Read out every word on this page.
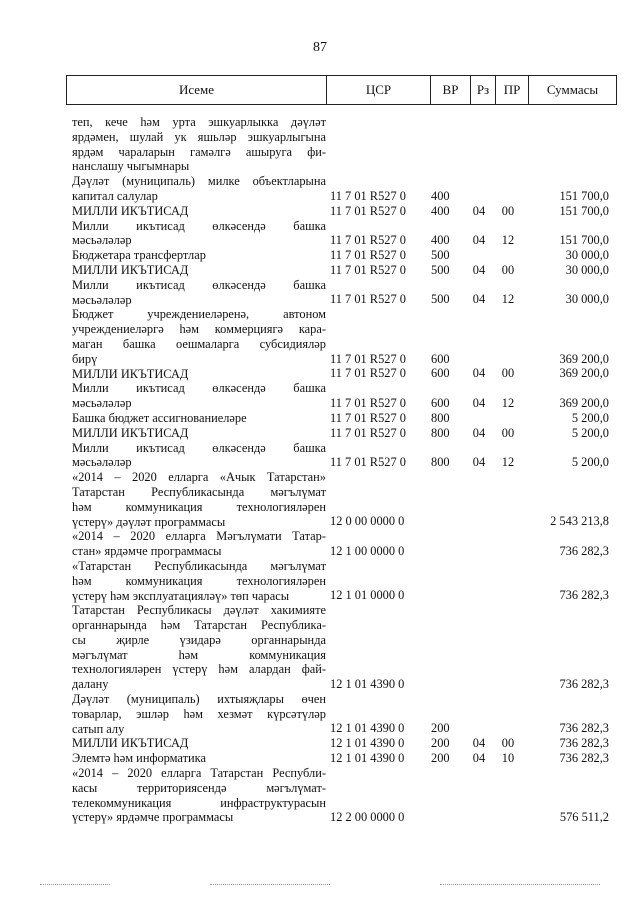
87
Исеме	ЦСР	ВР	Рз	ПР	Суммасы
теп, кече һәм урта эшкуарлыкка дәүләт
ярдәмен, шулай ук яшьләр эшкуарлыгына
ярдәм чараларын гамәлгә ашыруга фи-
нанслашу чыгымнары
Дәүләт (муниципаль) милке объектларына
капитал салулар	11 7 01 R527 0 400	151 700,0
МИЛЛИ ИКЪТИСАД	11 7 01 R527 0 400	04	00	151 700,0
Милли икътисад өлкәсендә башка
мәсьәләләр	11 7 01 R527 0 400	04	12	151 700,0
Бюджетара трансфертлар	11 7 01 R527 0 500	30 000,0
МИЛЛИ ИКЪТИСАД	11 7 01 R527 0 500	04	00	30 000,0
Милли икътисад өлкәсендә башка
мәсьәләләр	11 7 01 R527 0 500	04	12	30 000,0
Бюджет учреждениеләренә, автоном
учреждениеләргә һәм коммерциягә кара-
маган башка оешмаларга субсидияләр
бирү	11 7 01 R527 0 600	369 200,0
МИЛЛИ ИКЪТИСАД	11 7 01 R527 0 600	04	00	369 200,0
Милли икътисад өлкәсендә башка
мәсьәләләр	11 7 01 R527 0 600	04	12	369 200,0
Башка бюджет ассигнованиеләре	11 7 01 R527 0 800	5 200,0
МИЛЛИ ИКЪТИСАД	11 7 01 R527 0 800	04	00	5 200,0
Милли икътисад өлкәсендә башка
мәсьәләләр	11 7 01 R527 0 800	04	12	5 200,0
«2014 – 2020 елларга «Ачык Татарстан»
Татарстан Республикасында мәгълүмат
һәм коммуникация технологияләрен
үстерү» дәүләт программасы	12 0 00 0000 0	2 543 213,8
«2014 – 2020 елларга Мәгълүмати Татар-
стан» ярдәмче программасы	12 1 00 0000 0	736 282,3
«Татарстан Республикасында мәгълүмат
һәм коммуникация технологияләрен
үстерү һәм эксплуатацияләү» төп чарасы	12 1 01 0000 0	736 282,3
Татарстан Республикасы дәүләт хакимияте
органнарында һәм Татарстан Республика-
сы җирле үзидарә органнарында
мәгълүмат һәм коммуникация
технологияләрен үстерү һәм алардан фай-
далану	12 1 01 4390 0	736 282,3
Дәүләт (муниципаль) ихтыяҗлары өчен
товарлар, эшләр һәм хезмәт күрсәтүләр
сатып алу	12 1 01 4390 0 200	736 282,3
МИЛЛИ ИКЪТИСАД	12 1 01 4390 0 200	04	00	736 282,3
Элемтә һәм информатика	12 1 01 4390 0 200	04	10	736 282,3
«2014 – 2020 елларга Татарстан Республи-
касы территориясендә мәгълүмат-
телекоммуникация инфраструктурасын
үстерү» ярдәмче программасы	12 2 00 0000 0	576 511,2
